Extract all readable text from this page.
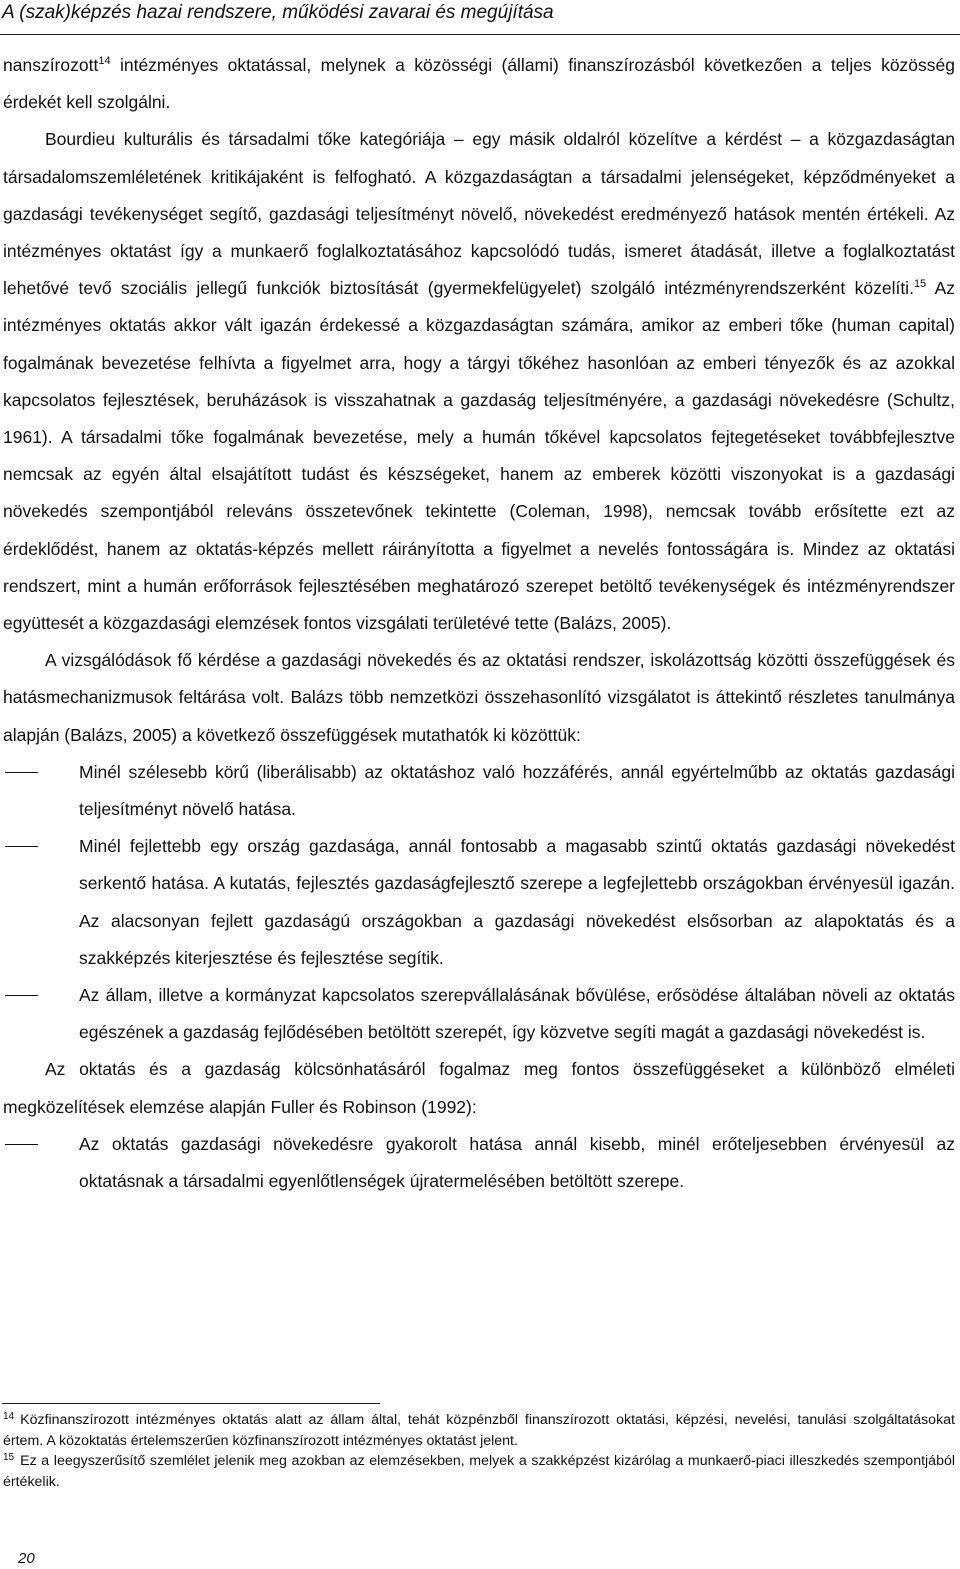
A (szak)képzés hazai rendszere, működési zavarai és megújítása

nanszírozott$^{14}$ intézményes oktatással, melynek a közösségi (állami) finanszírozásból következően a teljes közösség érdekét kell szolgálni.

Bourdieu kulturális és társadalmi tőke kategóriája – egy másik oldalról közelítve a kérdést – a közgazdaságtan társadalomszemléletének kritikájaként is felfogható. A közgazdaságtan a társadalmi jelenségeket, képződményeket a gazdasági tevékenységet segítő, gazdasági teljesítményt növelő, növekedést eredményező hatások mentén értékeli. Az intézményes oktatást így a munkaerő foglalkoztatásához kapcsolódó tudás, ismeret átadását, illetve a foglalkoztatást lehetővé tevő szociális jellegű funkciók biztosítását (gyermekfelügyelet) szolgáló intézményrendszerként közelíti.$^{15}$ Az intézményes oktatás akkor vált igazán érdekessé a közgazdaságtan számára, amikor az emberi tőke (human capital) fogalmának bevezetése felhívta a figyelmet arra, hogy a tárgyi tőkéhez hasonlóan az emberi tényezők és az azokkal kapcsolatos fejlesztések, beruházások is visszahatnak a gazdaság teljesítményére, a gazdasági növekedésre (Schultz, 1961). A társadalmi tőke fogalmának bevezetése, mely a humán tőkével kapcsolatos fejtegetéseket továbbfejlesztve nemcsak az egyén által elsajátított tudást és készségeket, hanem az emberek közötti viszonyokat is a gazdasági növekedés szempontjából releváns összetevőnek tekintette (Coleman, 1998), nemcsak tovább erősítette ezt az érdeklődést, hanem az oktatás-képzés mellett ráirányította a figyelmet a nevelés fontosságára is. Mindez az oktatási rendszert, mint a humán erőforrások fejlesztésében meghatározó szerepet betöltő tevékenységek és intézményrendszer együttesét a közgazdasági elemzések fontos vizsgálati területévé tette (Balázs, 2005).

A vizsgálódások fő kérdése a gazdasági növekedés és az oktatási rendszer, iskolázottság közötti összefüggések és hatásmechanizmusok feltárása volt. Balázs több nemzetközi összehasonlító vizsgálatot is áttekintő részletes tanulmánya alapján (Balázs, 2005) a következő összefüggések mutathatók ki közöttük:

Minél szélesebb körű (liberálisabb) az oktatáshoz való hozzáférés, annál egyértelműbb az oktatás gazdasági teljesítményt növelő hatása.
Minél fejlettebb egy ország gazdasága, annál fontosabb a magasabb szintű oktatás gazdasági növekedést serkentő hatása. A kutatás, fejlesztés gazdaságfejlesztő szerepe a legfejlettebb országokban érvényesül igazán. Az alacsonyan fejlett gazdaságú országokban a gazdasági növekedést elsősorban az alapoktatás és a szakképzés kiterjesztése és fejlesztése segítik.
Az állam, illetve a kormányzat kapcsolatos szerepvállalásának bővülése, erősödése általában növeli az oktatás egészének a gazdaság fejlődésében betöltött szerepét, így közvetve segíti magát a gazdasági növekedést is.

Az oktatás és a gazdaság kölcsönhatásáról fogalmaz meg fontos összefüggéseket a különböző elméleti megközelítések elemzése alapján Fuller és Robinson (1992):

Az oktatás gazdasági növekedésre gyakorolt hatása annál kisebb, minél erőteljesebben érvényesül az oktatásnak a társadalmi egyenlőtlenségek újratermelésében betöltött szerepe.

$^{14}$ Közfinanszírozott intézményes oktatás alatt az állam által, tehát közpénzből finanszírozott oktatási, képzési, nevelési, tanulási szolgáltatásokat értem. A közoktatás értelemszerűen közfinanszírozott intézményes oktatást jelent.

$^{15}$ Ez a leegyszerűsítő szemlélet jelenik meg azokban az elemzésekben, melyek a szakképzést kizárólag a munkaerő-piaci illeszkedés szempontjából értékelik.

20
